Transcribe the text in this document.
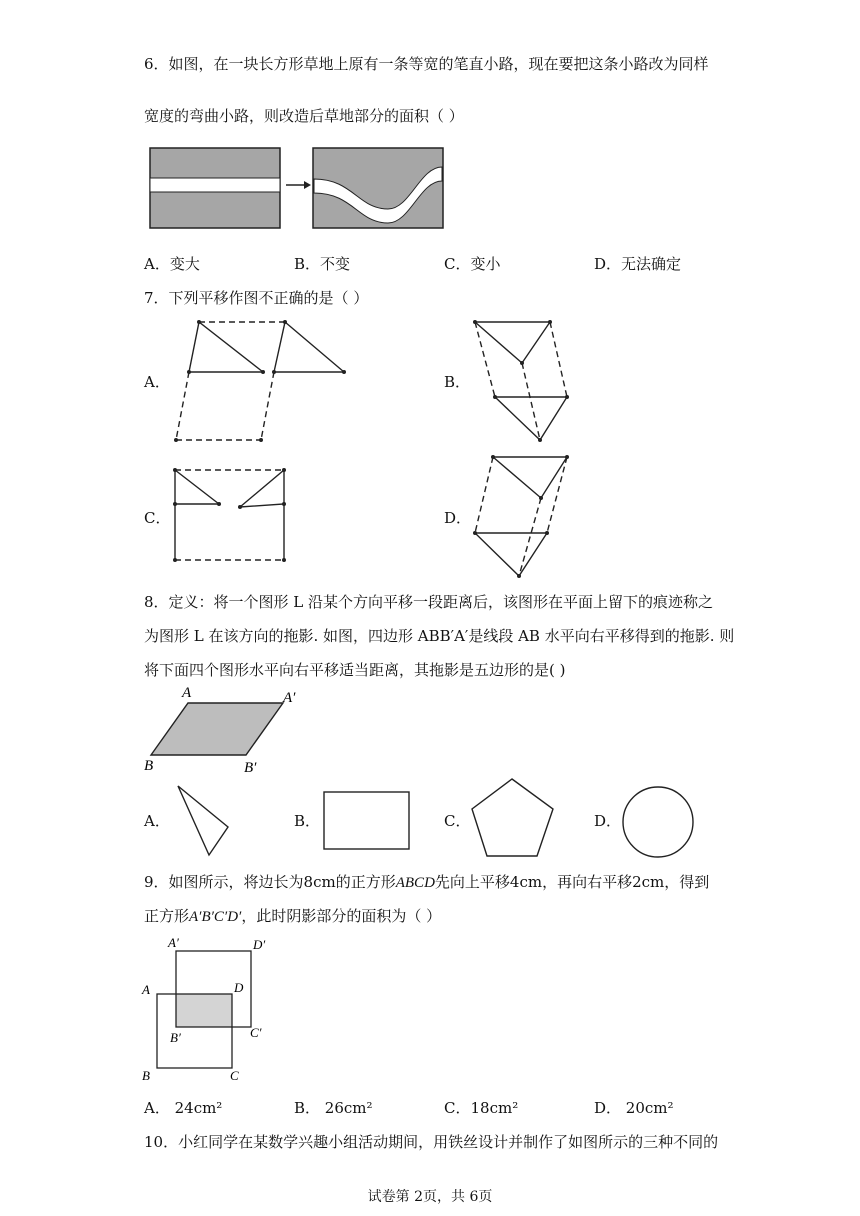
6．如图，在一块长方形草地上原有一条等宽的笔直小路，现在要把这条小路改为同样
宽度的弯曲小路，则改造后草地部分的面积（ ）
A．变大	B．不变	C．变小	D．无法确定
7．下列平移作图不正确的是（ ）
A．	B．
C．	D．
8．定义：将一个图形 L 沿某个方向平移一段距离后，该图形在平面上留下的痕迹称之
为图形 L 在该方向的拖影. 如图，四边形 ABB′A′是线段 AB 水平向右平移得到的拖影. 则
将下面四个图形水平向右平移适当距离，其拖影是五边形的是( )
A	A′
B	B′
A．	B．	C．	D．
9．如图所示，将边长为8cm的正方形ABCD先向上平移4cm，再向右平移2cm，得到
正方形A′B′C′D′，此时阴影部分的面积为（ ）
A′	D′
A	D
B′	C′
B	C
A． 24cm²	B． 26cm²	C．18cm²	D． 20cm²
10．小红同学在某数学兴趣小组活动期间，用铁丝设计并制作了如图所示的三种不同的
试卷第 2页，共 6页
